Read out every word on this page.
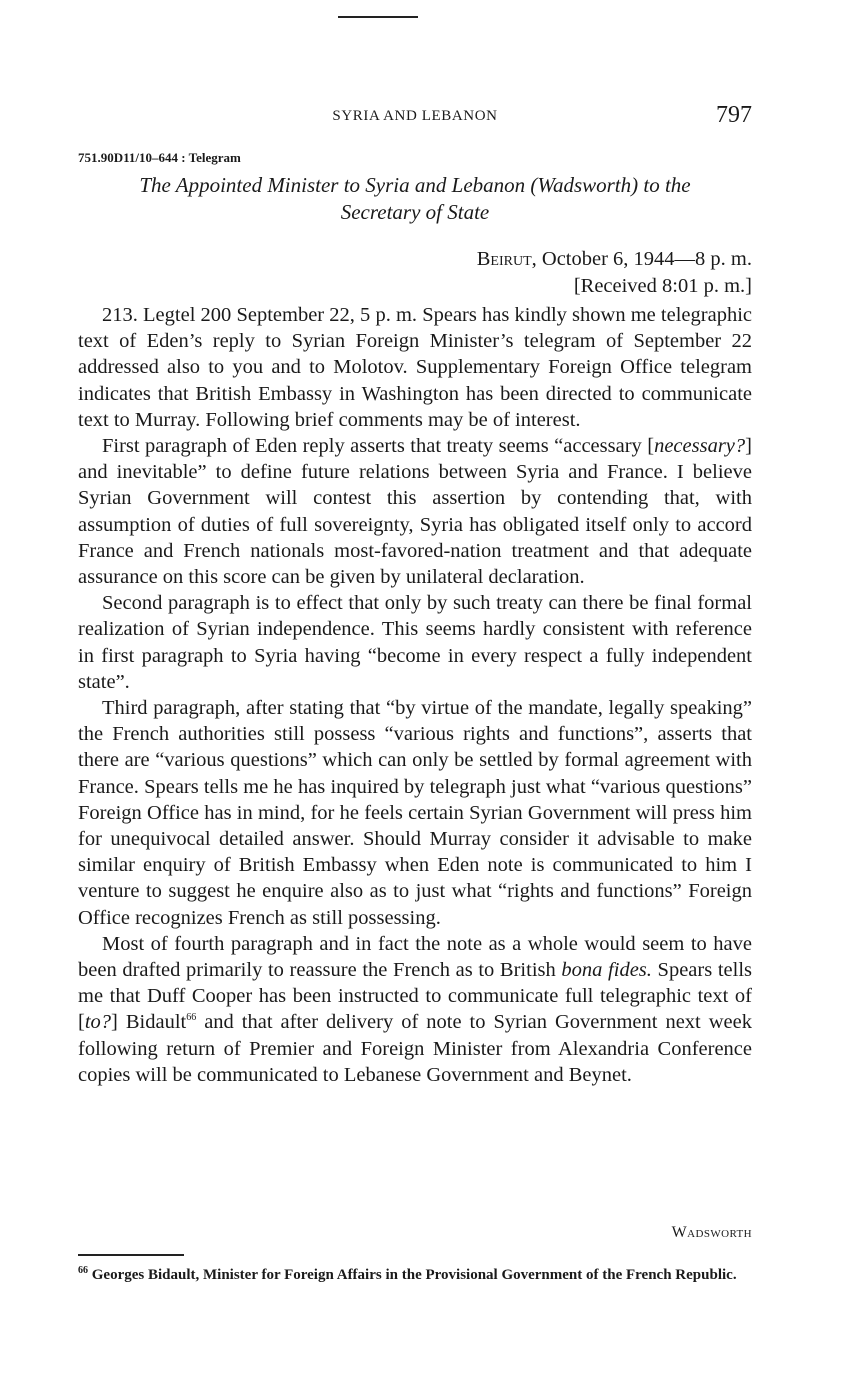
SYRIA AND LEBANON	797
751.90D11/10–644 : Telegram
The Appointed Minister to Syria and Lebanon (Wadsworth) to the
Secretary of State
Beirut, October 6, 1944—8 p. m.
[Received 8:01 p. m.]

213. Legtel 200 September 22, 5 p. m. Spears has kindly shown me telegraphic text of Eden’s reply to Syrian Foreign Minister’s telegram of September 22 addressed also to you and to Molotov. Supplementary Foreign Office telegram indicates that British Embassy in Washington has been directed to communicate text to Murray. Following brief comments may be of interest.

First paragraph of Eden reply asserts that treaty seems “accessary [necessary?] and inevitable” to define future relations between Syria and France. I believe Syrian Government will contest this assertion by contending that, with assumption of duties of full sovereignty, Syria has obligated itself only to accord France and French nationals most-favored-nation treatment and that adequate assurance on this score can be given by unilateral declaration.

Second paragraph is to effect that only by such treaty can there be final formal realization of Syrian independence. This seems hardly consistent with reference in first paragraph to Syria having “become in every respect a fully independent state”.

Third paragraph, after stating that “by virtue of the mandate, legally speaking” the French authorities still possess “various rights and functions”, asserts that there are “various questions” which can only be settled by formal agreement with France. Spears tells me he has inquired by telegraph just what “various questions” Foreign Office has in mind, for he feels certain Syrian Government will press him for unequivocal detailed answer. Should Murray consider it advisable to make similar enquiry of British Embassy when Eden note is communicated to him I venture to suggest he enquire also as to just what “rights and functions” Foreign Office recognizes French as still possessing.

Most of fourth paragraph and in fact the note as a whole would seem to have been drafted primarily to reassure the French as to British bona fides. Spears tells me that Duff Cooper has been instructed to communicate full telegraphic text of [to?] Bidault$^{66}$ and that after delivery of note to Syrian Government next week following return of Premier and Foreign Minister from Alexandria Conference copies will be communicated to Lebanese Government and Beynet.

Wadsworth
$^{66}$ Georges Bidault, Minister for Foreign Affairs in the Provisional Government of the French Republic.
